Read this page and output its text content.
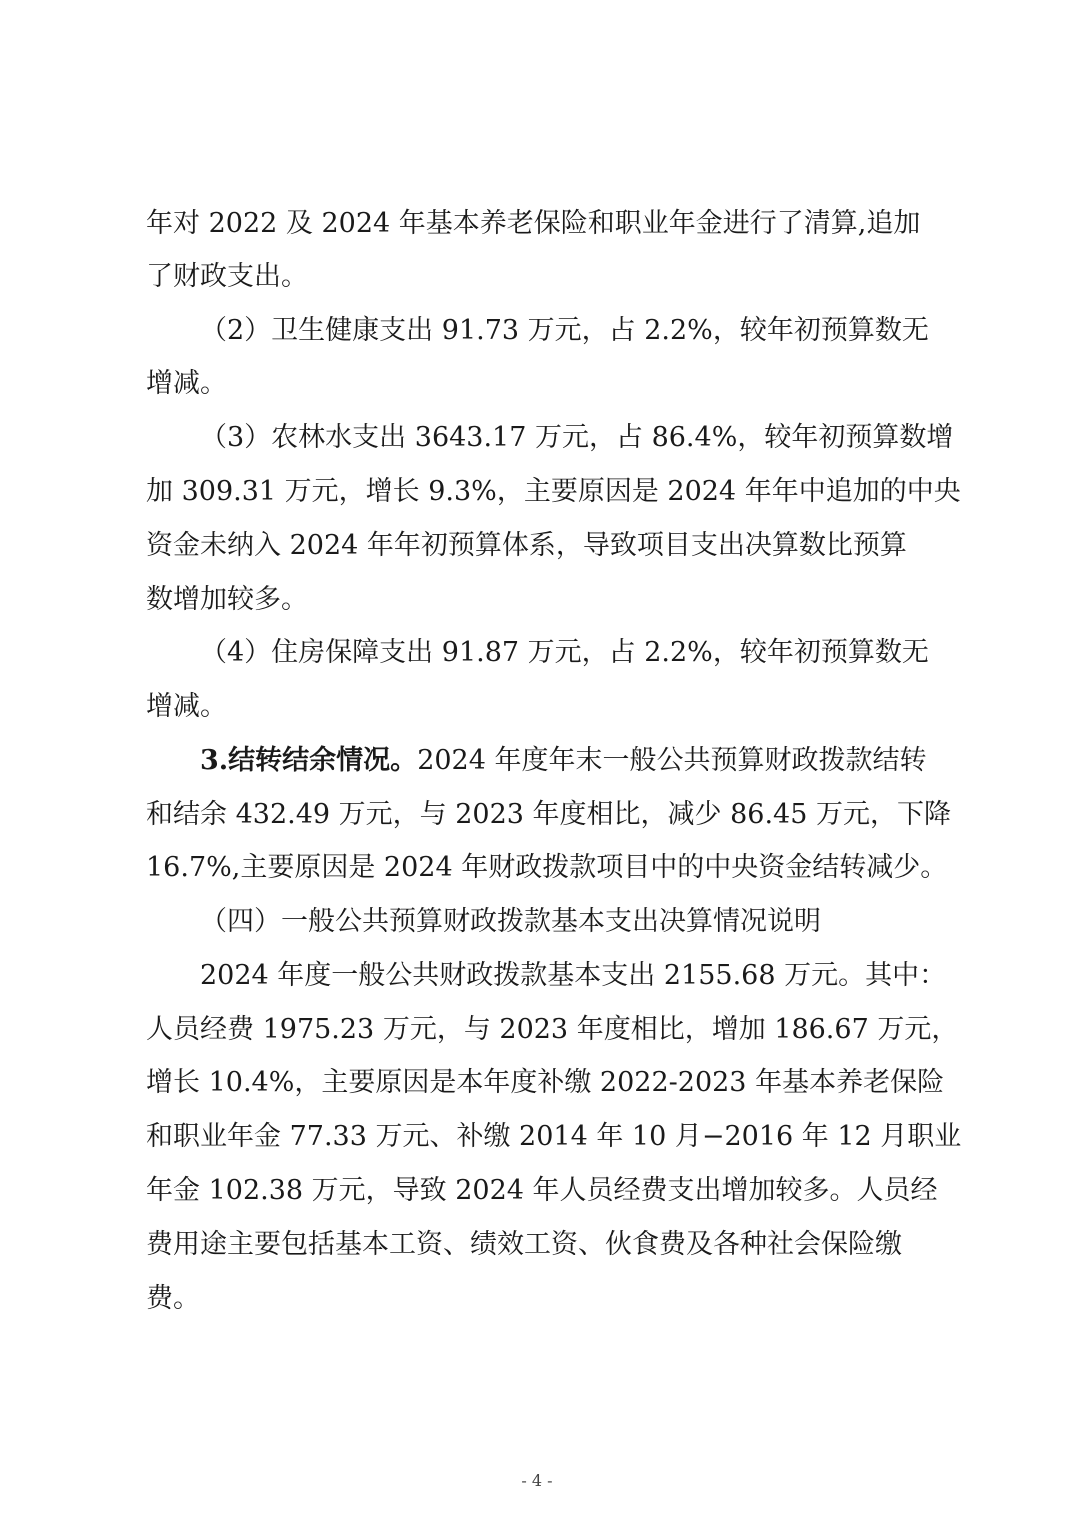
年对 2022 及 2024 年基本养老保险和职业年金进行了清算,追加
了财政支出。
（2）卫生健康支出 91.73 万元，占 2.2%，较年初预算数无
增减。
（3）农林水支出 3643.17 万元，占 86.4%，较年初预算数增
加 309.31 万元，增长 9.3%，主要原因是 2024 年年中追加的中央
资金未纳入 2024 年年初预算体系，导致项目支出决算数比预算
数增加较多。
（4）住房保障支出 91.87 万元，占 2.2%，较年初预算数无
增减。
3.结转结余情况。2024 年度年末一般公共预算财政拨款结转
和结余 432.49 万元，与 2023 年度相比，减少 86.45 万元，下降
16.7%,主要原因是 2024 年财政拨款项目中的中央资金结转减少。
（四）一般公共预算财政拨款基本支出决算情况说明
2024 年度一般公共财政拨款基本支出 2155.68 万元。其中：
人员经费 1975.23 万元，与 2023 年度相比，增加 186.67 万元，
增长 10.4%，主要原因是本年度补缴 2022-2023 年基本养老保险
和职业年金 77.33 万元、补缴 2014 年 10 月−2016 年 12 月职业
年金 102.38 万元，导致 2024 年人员经费支出增加较多。人员经
费用途主要包括基本工资、绩效工资、伙食费及各种社会保险缴
费。
- 4 -
